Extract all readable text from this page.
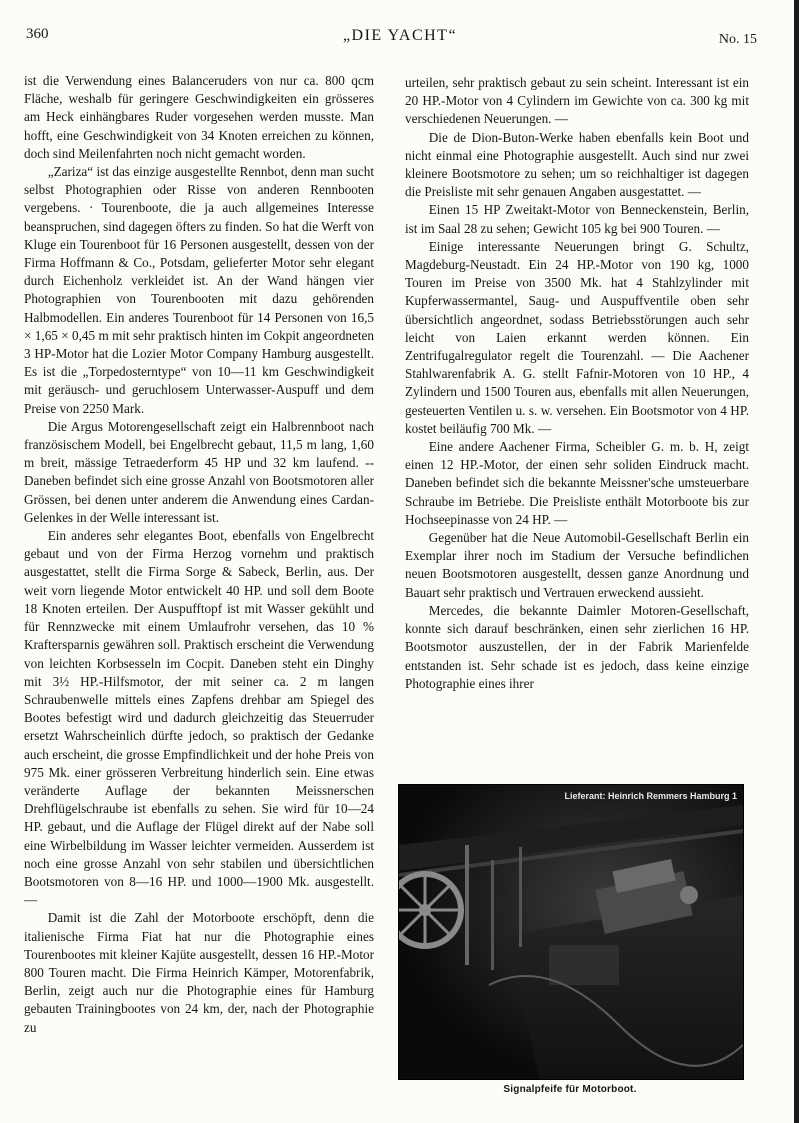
360	„DIE YACHT“	No. 15

ist die Verwendung eines Balanceruders von nur ca. 800 qcm Fläche, weshalb für geringere Geschwindigkeiten ein grösseres am Heck einhängbares Ruder vorgesehen werden musste. Man hofft, eine Geschwindigkeit von 34 Knoten erreichen zu können, doch sind Meilenfahrten noch nicht gemacht worden.

„Zariza“ ist das einzige ausgestellte Rennbot, denn man sucht selbst Photographien oder Risse von anderen Rennbooten vergebens. · Tourenboote, die ja auch allgemeines Interesse beanspruchen, sind dagegen öfters zu finden. So hat die Werft von Kluge ein Tourenboot für 16 Personen ausgestellt, dessen von der Firma Hoffmann & Co., Potsdam, gelieferter Motor sehr elegant durch Eichenholz verkleidet ist. An der Wand hängen vier Photographien von Tourenbooten mit dazu gehörenden Halbmodellen. Ein anderes Tourenboot für 14 Personen von 16,5 × 1,65 × 0,45 m mit sehr praktisch hinten im Cokpit angeordneten 3 HP-Motor hat die Lozier Motor Company Hamburg ausgestellt. Es ist die „Torpedosterntype“ von 10—11 km Geschwindigkeit mit geräusch- und geruchlosem Unterwasser-Auspuff und dem Preise von 2250 Mark.

Die Argus Motorengesellschaft zeigt ein Halbrennboot nach französischem Modell, bei Engelbrecht gebaut, 11,5 m lang, 1,60 m breit, mässige Tetraederform 45 HP und 32 km laufend. -- Daneben befindet sich eine grosse Anzahl von Bootsmotoren aller Grössen, bei denen unter anderem die Anwendung eines Cardan-Gelenkes in der Welle interessant ist.

Ein anderes sehr elegantes Boot, ebenfalls von Engelbrecht gebaut und von der Firma Herzog vornehm und praktisch ausgestattet, stellt die Firma Sorge & Sabeck, Berlin, aus. Der weit vorn liegende Motor entwickelt 40 HP. und soll dem Boote 18 Knoten erteilen. Der Auspufftopf ist mit Wasser gekühlt und für Rennzwecke mit einem Umlaufrohr versehen, das 10 % Kraftersparnis gewähren soll. Praktisch erscheint die Verwendung von leichten Korbsesseln im Cocpit. Daneben steht ein Dinghy mit 3½ HP.-Hilfsmotor, der mit seiner ca. 2 m langen Schraubenwelle mittels eines Zapfens drehbar am Spiegel des Bootes befestigt wird und dadurch gleichzeitig das Steuerruder ersetzt Wahrscheinlich dürfte jedoch, so praktisch der Gedanke auch erscheint, die grosse Empfindlichkeit und der hohe Preis von 975 Mk. einer grösseren Verbreitung hinderlich sein. Eine etwas veränderte Auflage der bekannten Meissnerschen Drehflügelschraube ist ebenfalls zu sehen. Sie wird für 10—24 HP. gebaut, und die Auflage der Flügel direkt auf der Nabe soll eine Wirbelbildung im Wasser leichter vermeiden. Ausserdem ist noch eine grosse Anzahl von sehr stabilen und übersichtlichen Bootsmotoren von 8—16 HP. und 1000—1900 Mk. ausgestellt. —

Damit ist die Zahl der Motorboote erschöpft, denn die italienische Firma Fiat hat nur die Photographie eines Tourenbootes mit kleiner Kajüte ausgestellt, dessen 16 HP.-Motor 800 Touren macht. Die Firma Heinrich Kämper, Motorenfabrik, Berlin, zeigt auch nur die Photographie eines für Hamburg gebauten Trainingbootes von 24 km, der, nach der Photographie zu

urteilen, sehr praktisch gebaut zu sein scheint. Interessant ist ein 20 HP.-Motor von 4 Cylindern im Gewichte von ca. 300 kg mit verschiedenen Neuerungen. —

Die de Dion-Buton-Werke haben ebenfalls kein Boot und nicht einmal eine Photographie ausgestellt. Auch sind nur zwei kleinere Bootsmotore zu sehen; um so reichhaltiger ist dagegen die Preisliste mit sehr genauen Angaben ausgestattet. —

Einen 15 HP Zweitakt-Motor von Benneckenstein, Berlin, ist im Saal 28 zu sehen; Gewicht 105 kg bei 900 Touren. —

Einige interessante Neuerungen bringt G. Schultz, Magdeburg-Neustadt. Ein 24 HP.-Motor von 190 kg, 1000 Touren im Preise von 3500 Mk. hat 4 Stahlzylinder mit Kupferwassermantel, Saug- und Auspuffventile oben sehr übersichtlich angeordnet, sodass Betriebsstörungen auch sehr leicht von Laien erkannt werden können. Ein Zentrifugalregulator regelt die Tourenzahl. — Die Aachener Stahlwarenfabrik A. G. stellt Fafnir-Motoren von 10 HP., 4 Zylindern und 1500 Touren aus, ebenfalls mit allen Neuerungen, gesteuerten Ventilen u. s. w. versehen. Ein Bootsmotor von 4 HP. kostet beiläufig 700 Mk. —

Eine andere Aachener Firma, Scheibler G. m. b. H, zeigt einen 12 HP.-Motor, der einen sehr soliden Eindruck macht. Daneben befindet sich die bekannte Meissner'sche umsteuerbare Schraube im Betriebe. Die Preisliste enthält Motorboote bis zur Hochseepinasse von 24 HP. —

Gegenüber hat die Neue Automobil-Gesellschaft Berlin ein Exemplar ihrer noch im Stadium der Versuche befindlichen neuen Bootsmotoren ausgestellt, dessen ganze Anordnung und Bauart sehr praktisch und Vertrauen erweckend aussieht.

Mercedes, die bekannte Daimler Motoren-Gesellschaft, konnte sich darauf beschränken, einen sehr zierlichen 16 HP. Bootsmotor auszustellen, der in der Fabrik Marienfelde entstanden ist. Sehr schade ist es jedoch, dass keine einzige Photographie eines ihrer

Lieferant: Heinrich Remmers Hamburg 1
Signalpfeife für Motorboot.
